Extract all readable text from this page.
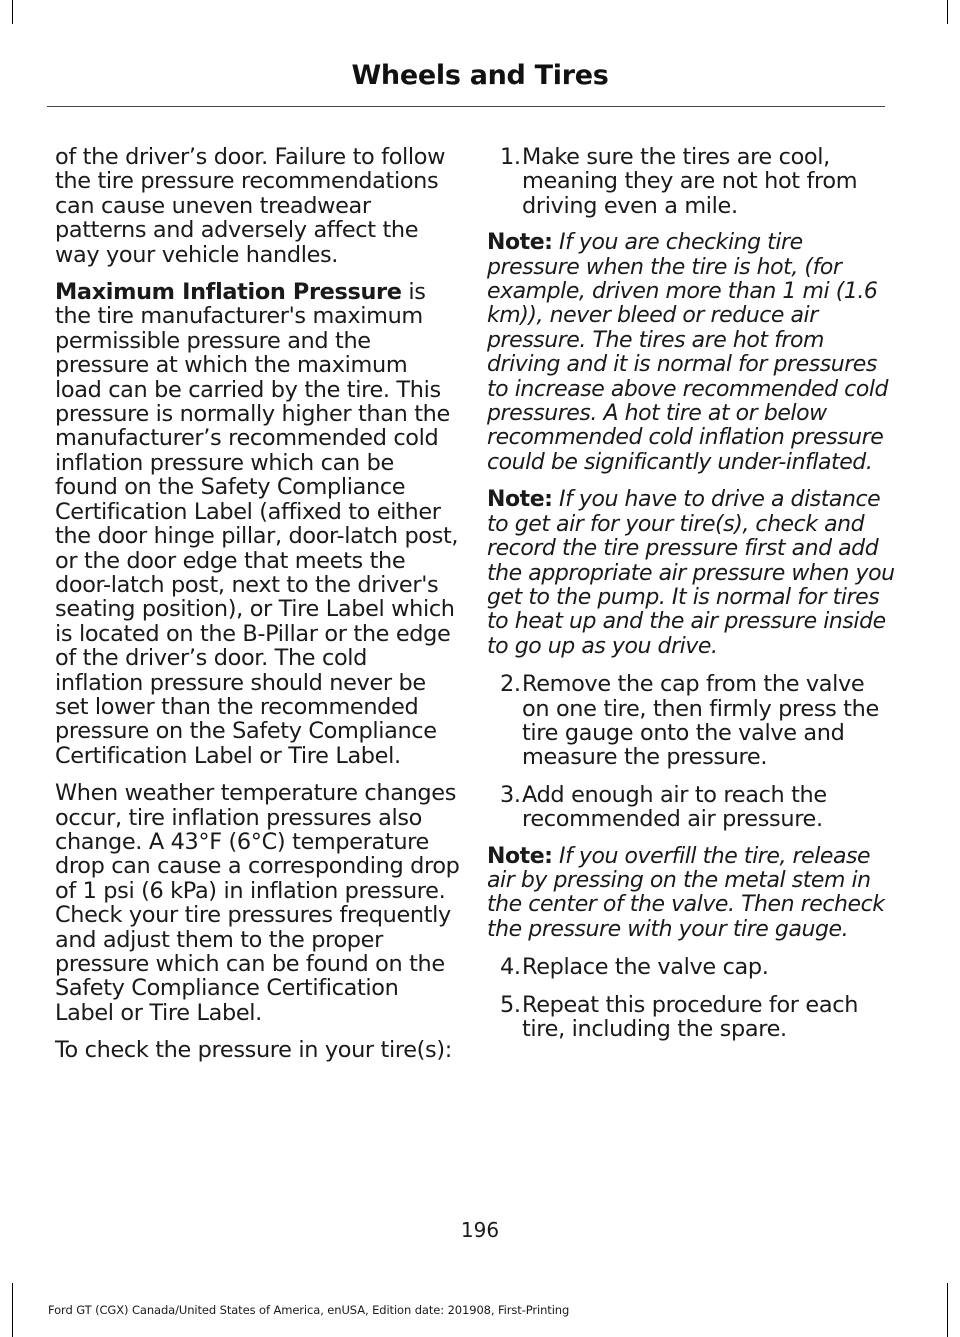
Wheels and Tires

of the driver’s door. Failure to follow the tire pressure recommendations can cause uneven treadwear patterns and adversely affect the way your vehicle handles.

Maximum Inflation Pressure is the tire manufacturer's maximum permissible pressure and the pressure at which the maximum load can be carried by the tire. This pressure is normally higher than the manufacturer’s recommended cold inflation pressure which can be found on the Safety Compliance Certification Label (affixed to either the door hinge pillar, door-latch post, or the door edge that meets the door-latch post, next to the driver's seating position), or Tire Label which is located on the B-Pillar or the edge of the driver’s door. The cold inflation pressure should never be set lower than the recommended pressure on the Safety Compliance Certification Label or Tire Label.

When weather temperature changes occur, tire inflation pressures also change. A 43°F (6°C) temperature drop can cause a corresponding drop of 1 psi (6 kPa) in inflation pressure. Check your tire pressures frequently and adjust them to the proper pressure which can be found on the Safety Compliance Certification Label or Tire Label.

To check the pressure in your tire(s):

1. Make sure the tires are cool, meaning they are not hot from driving even a mile.

Note: If you are checking tire pressure when the tire is hot, (for example, driven more than 1 mi (1.6 km)), never bleed or reduce air pressure. The tires are hot from driving and it is normal for pressures to increase above recommended cold pressures. A hot tire at or below recommended cold inflation pressure could be significantly under-inflated.

Note: If you have to drive a distance to get air for your tire(s), check and record the tire pressure first and add the appropriate air pressure when you get to the pump. It is normal for tires to heat up and the air pressure inside to go up as you drive.

2. Remove the cap from the valve on one tire, then firmly press the tire gauge onto the valve and measure the pressure.
3. Add enough air to reach the recommended air pressure.

Note: If you overfill the tire, release air by pressing on the metal stem in the center of the valve. Then recheck the pressure with your tire gauge.

4. Replace the valve cap.
5. Repeat this procedure for each tire, including the spare.
196
Ford GT (CGX) Canada/United States of America, enUSA, Edition date: 201908, First-Printing
